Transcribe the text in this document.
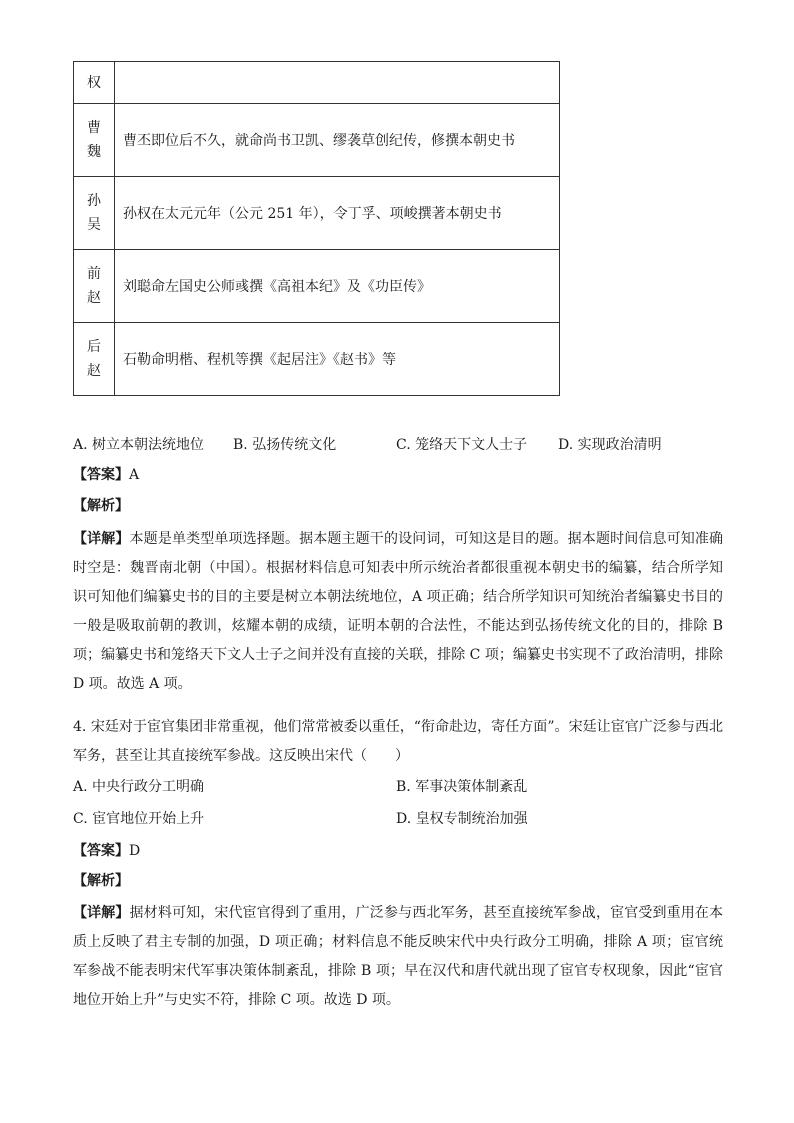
权	

曹
魏	曹丕即位后不久，就命尚书卫凯、缪袭草创纪传，修撰本朝史书

孙
吴	孙权在太元元年（公元 251 年），令丁孚、项峻撰著本朝史书

前
赵	刘聪命左国史公师彧撰《高祖本纪》及《功臣传》

后
赵	石勒命明楷、程机等撰《起居注》《赵书》等
A. 树立本朝法统地位 B. 弘扬传统文化	C. 笼络天下文人士子 D. 实现政治清明
【答案】A
【解析】
【详解】本题是单类型单项选择题。据本题主题干的设问词，可知这是目的题。据本题时间信息可知准确时空是：魏晋南北朝（中国）。根据材料信息可知表中所示统治者都很重视本朝史书的编纂，结合所学知识可知他们编纂史书的目的主要是树立本朝法统地位，A 项正确；结合所学知识可知统治者编纂史书目的一般是吸取前朝的教训，炫耀本朝的成绩，证明本朝的合法性，不能达到弘扬传统文化的目的，排除 B 项；编纂史书和笼络天下文人士子之间并没有直接的关联，排除 C 项；编纂史书实现不了政治清明，排除 D 项。故选 A 项。
4. 宋廷对于宦官集团非常重视，他们常常被委以重任，“衔命赴边，寄任方面”。宋廷让宦官广泛参与西北军务，甚至让其直接统军参战。这反映出宋代（　　）
A. 中央行政分工明确	B. 军事决策体制紊乱
C. 宦官地位开始上升	D. 皇权专制统治加强
【答案】D
【解析】
【详解】据材料可知，宋代宦官得到了重用，广泛参与西北军务，甚至直接统军参战，宦官受到重用在本质上反映了君主专制的加强，D 项正确；材料信息不能反映宋代中央行政分工明确，排除 A 项；宦官统军参战不能表明宋代军事决策体制紊乱，排除 B 项；早在汉代和唐代就出现了宦官专权现象，因此“宦官地位开始上升”与史实不符，排除 C 项。故选 D 项。
